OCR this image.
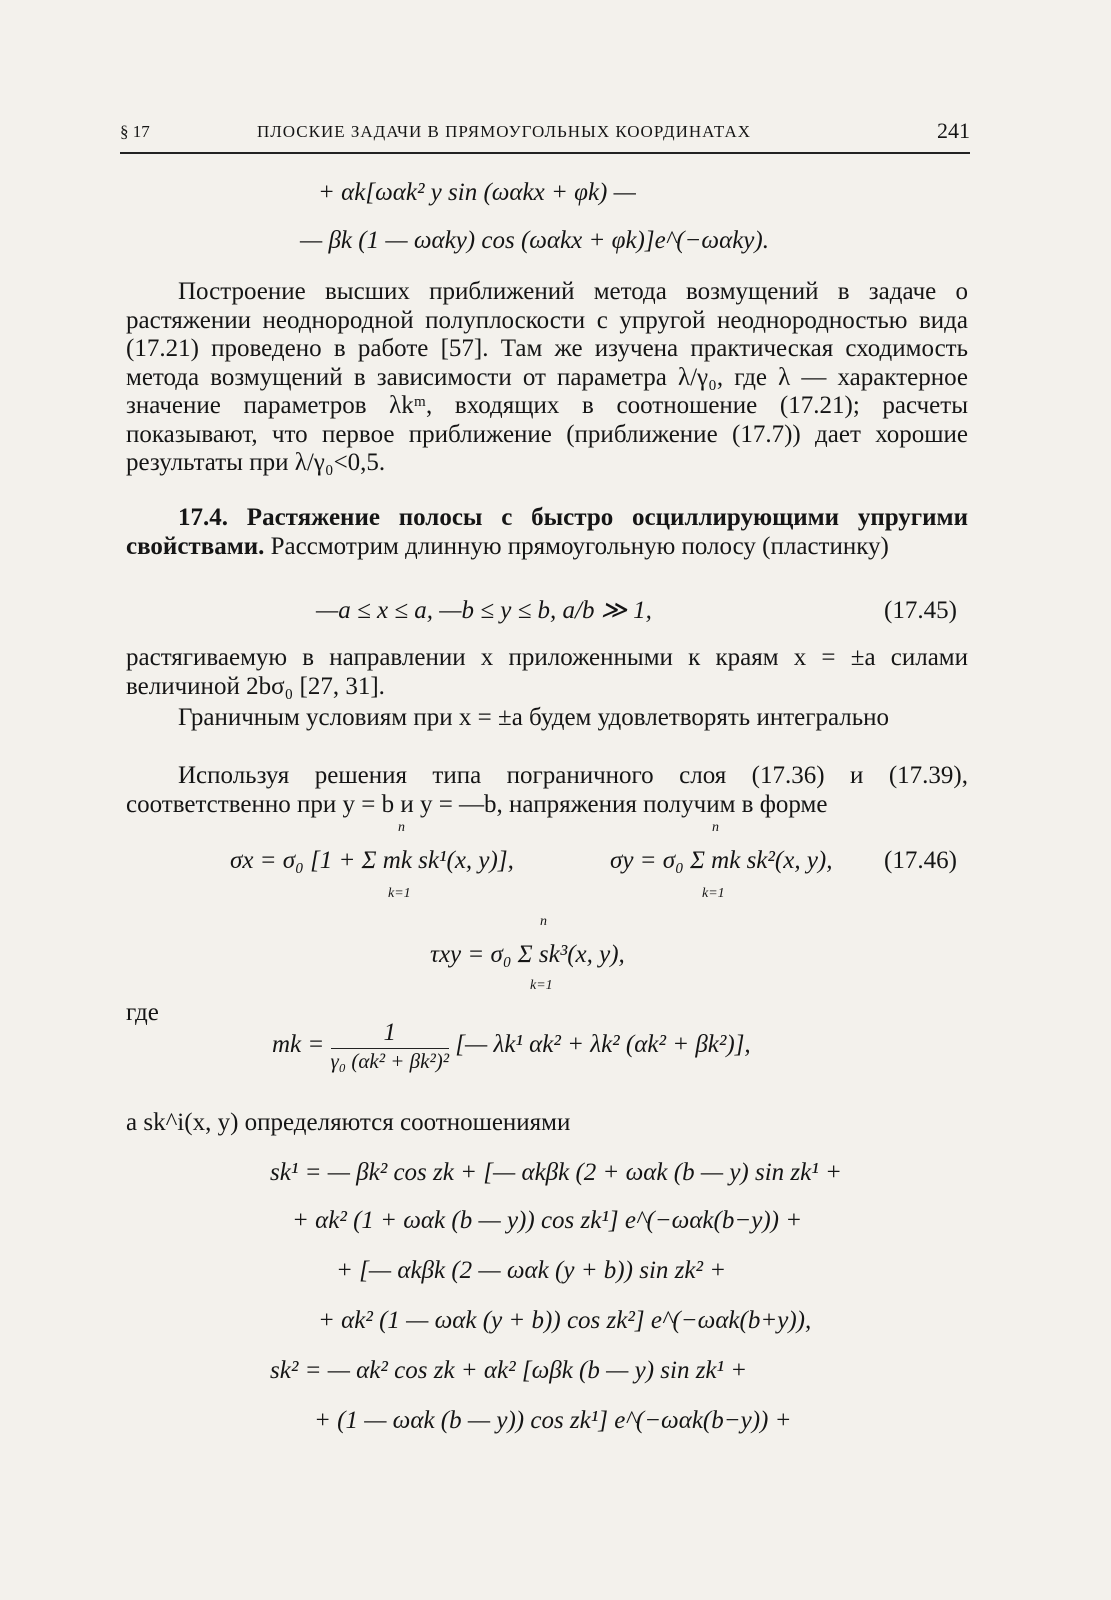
§ 17	ПЛОСКИЕ ЗАДАЧИ В ПРЯМОУГОЛЬНЫХ КООРДИНАТАХ	241
+ αk[ωαk² y sin (ωαkx + φk) —
— βk (1 — ωαky) cos (ωαkx + φk)]e^(−ωαky).
Построение высших приближений метода возмущений в задаче о растяжении неоднородной полуплоскости с упругой неоднородностью вида (17.21) проведено в работе [57]. Там же изучена практическая сходимость метода возмущений в зависимости от параметра λ/γ₀, где λ — характерное значение параметров λkᵐ, входящих в соотношение (17.21); расчеты показывают, что первое приближение (приближение (17.7)) дает хорошие результаты при λ/γ₀<0,5.
17.4. Растяжение полосы с быстро осциллирующими упругими свойствами. Рассмотрим длинную прямоугольную полосу (пластинку)
—a ≤ x ≤ a, —b ≤ y ≤ b, a/b ≫ 1,	(17.45)
растягиваемую в направлении x приложенными к краям x = ±a силами величиной 2bσ₀ [27, 31].
Граничным условиям при x = ±a будем удовлетворять интегрально
Используя решения типа пограничного слоя (17.36) и (17.39), соответственно при y = b и y = —b, напряжения получим в форме
σx = σ₀ [1 + Σ mk sk¹(x, y)],
n
k=1
σy = σ₀ Σ mk sk²(x, y),
n
k=1
(17.46)
τxy = σ₀ Σ sk³(x, y),
n
k=1
где
mk = $\frac{1}{\text{γ₀ (αk² + βk²)²}}$ [— λk¹ αk² + λk² (αk² + βk²)],
a sk^i(x, y) определяются соотношениями
sk¹ = — βk² cos zk + [— αkβk (2 + ωαk (b — y) sin zk¹ +
+ αk² (1 + ωαk (b — y)) cos zk¹] e^(−ωαk(b−y)) +
+ [— αkβk (2 — ωαk (y + b)) sin zk² +
+ αk² (1 — ωαk (y + b)) cos zk²] e^(−ωαk(b+y)),
sk² = — αk² cos zk + αk² [ωβk (b — y) sin zk¹ +
+ (1 — ωαk (b — y)) cos zk¹] e^(−ωαk(b−y)) +
